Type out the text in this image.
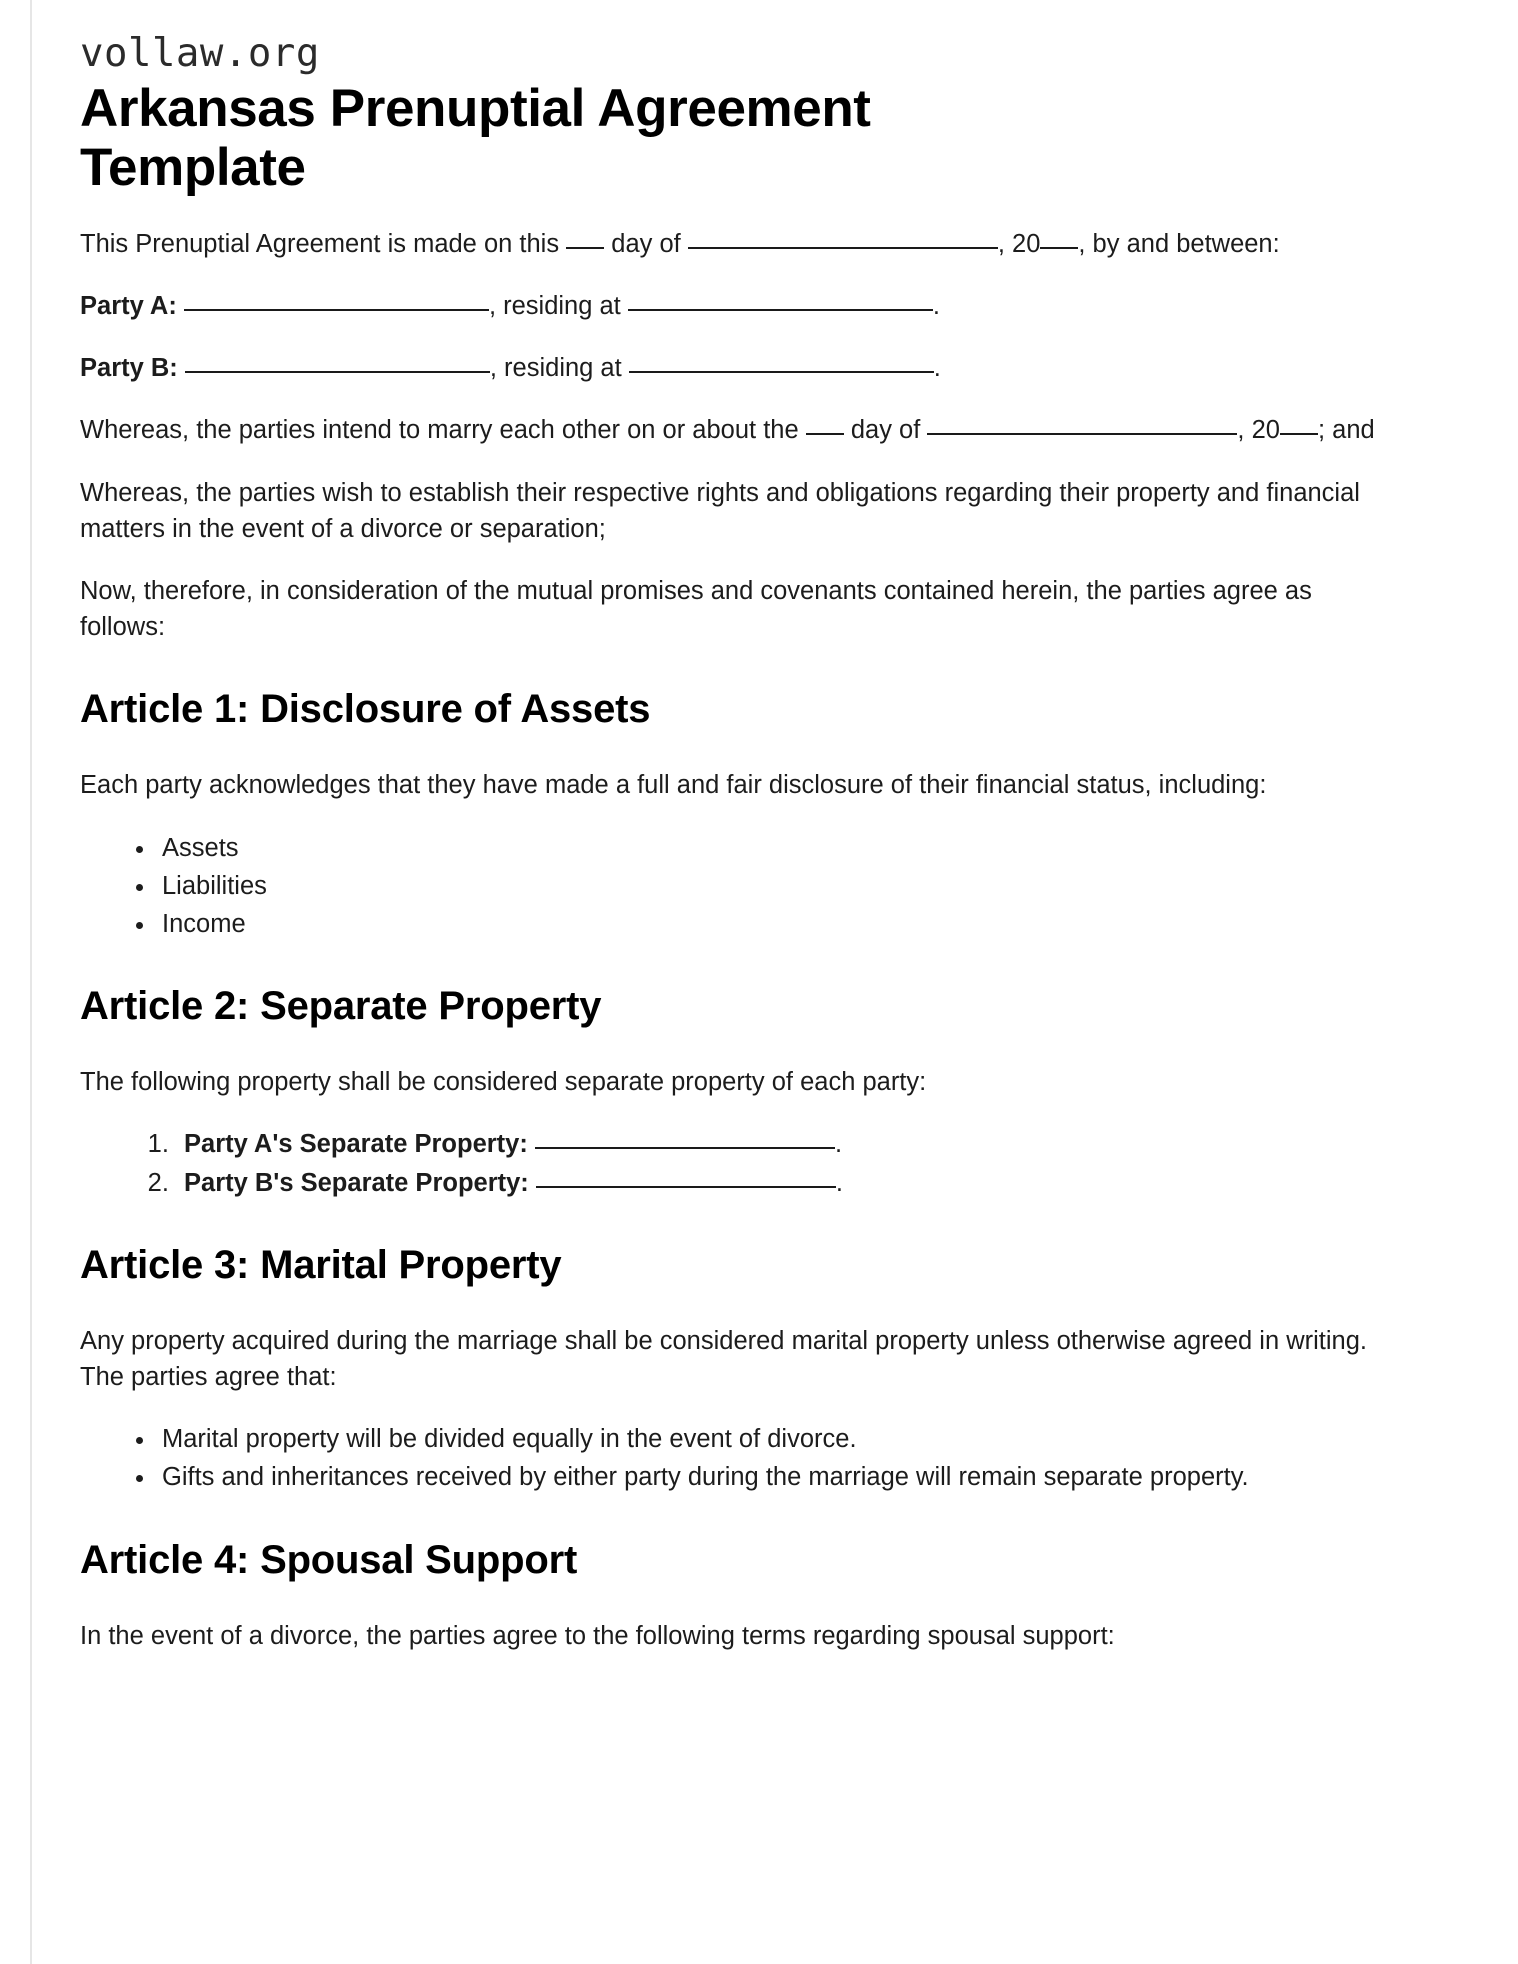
vollaw.org
Arkansas Prenuptial Agreement Template

This Prenuptial Agreement is made on this day of	, 20 , by and between:

Party A:	, residing at	.

Party B:	, residing at	.

Whereas, the parties intend to marry each other on or about the day of	, 20 ; and

Whereas, the parties wish to establish their respective rights and obligations regarding their property and financial matters in the event of a divorce or separation;

Now, therefore, in consideration of the mutual promises and covenants contained herein, the parties agree as follows:

Article 1: Disclosure of Assets

Each party acknowledges that they have made a full and fair disclosure of their financial status, including:

• Assets
• Liabilities
• Income
Article 2: Separate Property

The following property shall be considered separate property of each party:

1. Party A's Separate Property:	.
2. Party B's Separate Property:	.
Article 3: Marital Property

Any property acquired during the marriage shall be considered marital property unless otherwise agreed in writing. The parties agree that:

• Marital property will be divided equally in the event of divorce.
• Gifts and inheritances received by either party during the marriage will remain separate property.
Article 4: Spousal Support

In the event of a divorce, the parties agree to the following terms regarding spousal support:
